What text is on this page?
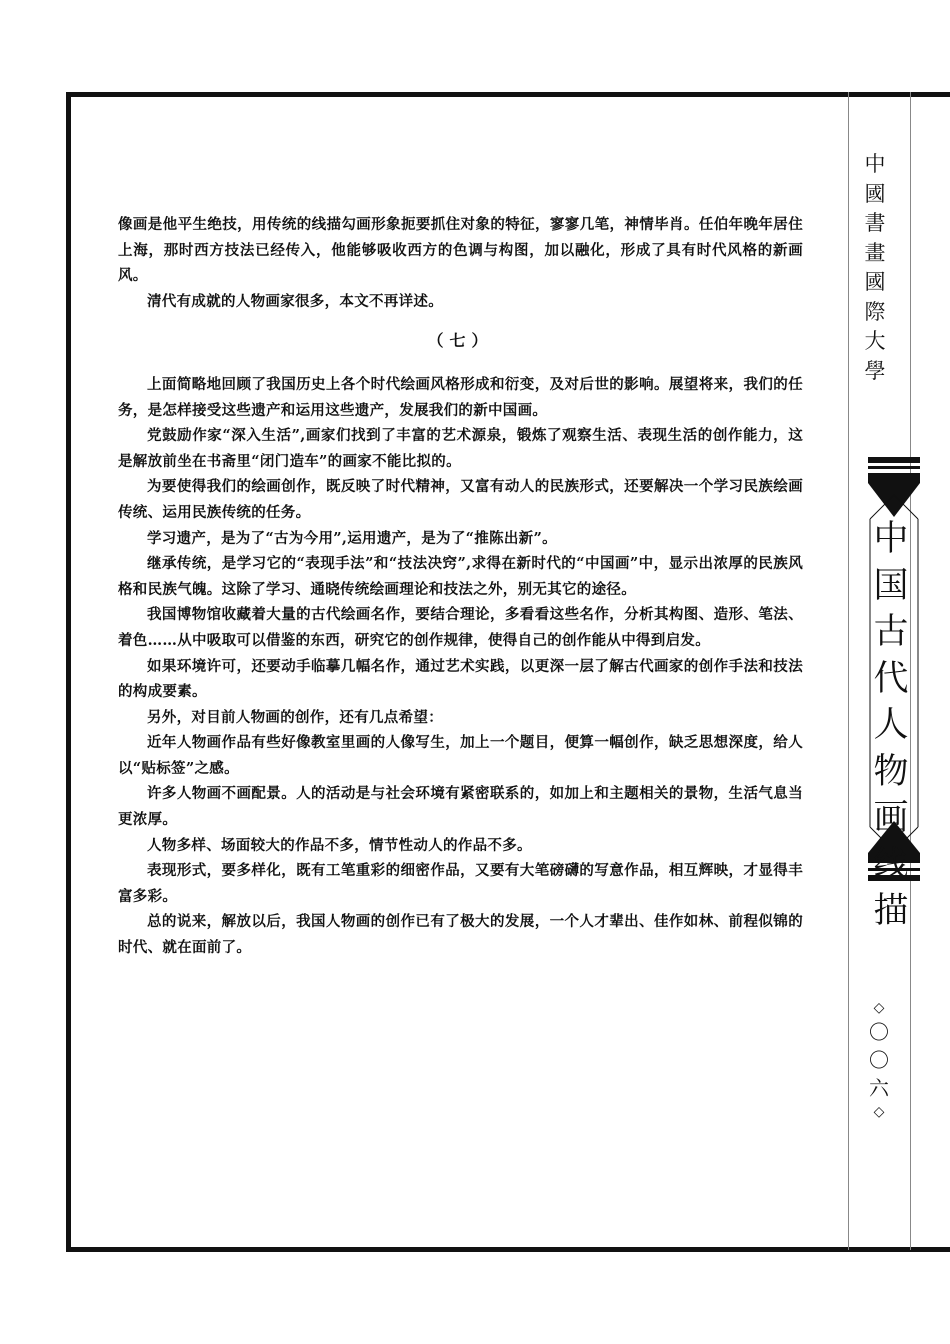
像画是他平生绝技，用传统的线描勾画形象扼要抓住对象的特征，寥寥几笔，神情毕肖。任伯年晚年居住上海，那时西方技法已经传入，他能够吸收西方的色调与构图，加以融化，形成了具有时代风格的新画风。

清代有成就的人物画家很多，本文不再详述。

（七）

上面简略地回顾了我国历史上各个时代绘画风格形成和衍变，及对后世的影响。展望将来，我们的任务，是怎样接受这些遗产和运用这些遗产，发展我们的新中国画。

党鼓励作家“深入生活”,画家们找到了丰富的艺术源泉，锻炼了观察生活、表现生活的创作能力，这是解放前坐在书斋里“闭门造车”的画家不能比拟的。

为要使得我们的绘画创作，既反映了时代精神，又富有动人的民族形式，还要解决一个学习民族绘画传统、运用民族传统的任务。

学习遗产，是为了“古为今用”,运用遗产，是为了“推陈出新”。

继承传统，是学习它的“表现手法”和“技法决窍”,求得在新时代的“中国画”中，显示出浓厚的民族风格和民族气魄。这除了学习、通晓传统绘画理论和技法之外，别无其它的途径。

我国博物馆收藏着大量的古代绘画名作，要结合理论，多看看这些名作，分析其构图、造形、笔法、着色……从中吸取可以借鉴的东西，研究它的创作规律，使得自己的创作能从中得到启发。

如果环境许可，还要动手临摹几幅名作，通过艺术实践，以更深一层了解古代画家的创作手法和技法的构成要素。

另外，对目前人物画的创作，还有几点希望：

近年人物画作品有些好像教室里画的人像写生，加上一个题目，便算一幅创作，缺乏思想深度，给人以“贴标签”之感。

许多人物画不画配景。人的活动是与社会环境有紧密联系的，如加上和主题相关的景物，生活气息当更浓厚。

人物多样、场面较大的作品不多，情节性动人的作品不多。

表现形式，要多样化，既有工笔重彩的细密作品，又要有大笔磅礴的写意作品，相互辉映，才显得丰富多彩。

总的说来，解放以后，我国人物画的创作已有了极大的发展，一个人才辈出、佳作如林、前程似锦的时代、就在面前了。

中
國
書
畫
國
際
大
學
中
国
古
代
人
物
画
线
描
◇
〇
〇
六
◇
